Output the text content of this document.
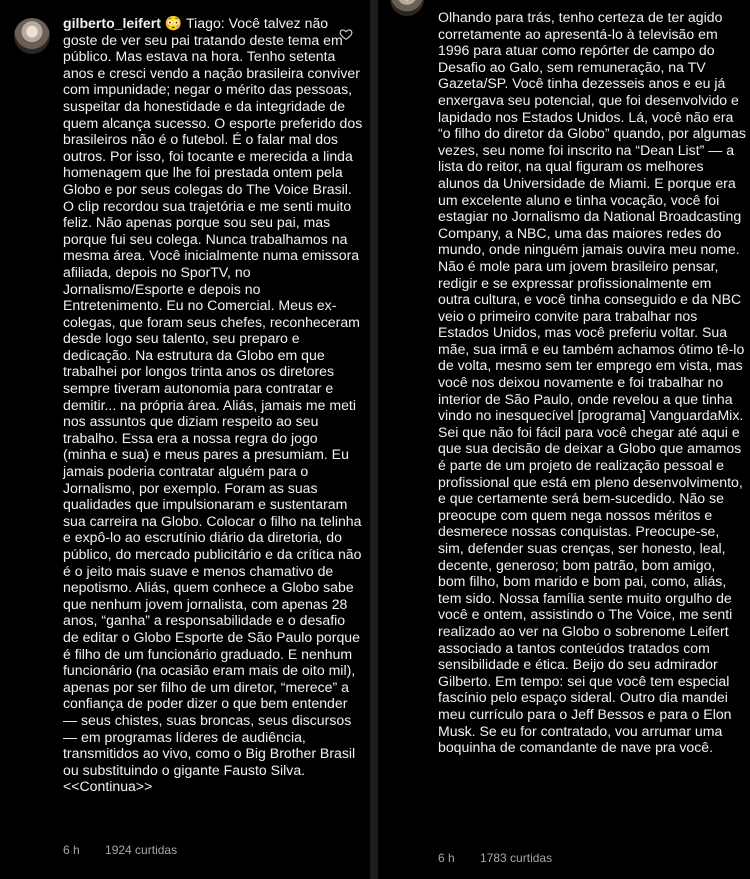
gilberto_leifert 😳 Tiago: Você talvez não goste de ver seu pai tratando deste tema em público. Mas estava na hora. Tenho setenta anos e cresci vendo a nação brasileira conviver com impunidade; negar o mérito das pessoas, suspeitar da honestidade e da integridade de quem alcança sucesso. O esporte preferido dos brasileiros não é o futebol. É o falar mal dos outros. Por isso, foi tocante e merecida a linda homenagem que lhe foi prestada ontem pela Globo e por seus colegas do The Voice Brasil. O clip recordou sua trajetória e me senti muito feliz. Não apenas porque sou seu pai, mas porque fui seu colega. Nunca trabalhamos na mesma área. Você inicialmente numa emissora afiliada, depois no SporTV, no Jornalismo/Esporte e depois no Entretenimento. Eu no Comercial. Meus ex-colegas, que foram seus chefes, reconheceram desde logo seu talento, seu preparo e dedicação. Na estrutura da Globo em que trabalhei por longos trinta anos os diretores sempre tiveram autonomia para contratar e demitir... na própria área. Aliás, jamais me meti nos assuntos que diziam respeito ao seu trabalho. Essa era a nossa regra do jogo (minha e sua) e meus pares a presumiam. Eu jamais poderia contratar alguém para o Jornalismo, por exemplo. Foram as suas qualidades que impulsionaram e sustentaram sua carreira na Globo. Colocar o filho na telinha e expô-lo ao escrutínio diário da diretoria, do público, do mercado publicitário e da crítica não é o jeito mais suave e menos chamativo de nepotismo. Aliás, quem conhece a Globo sabe que nenhum jovem jornalista, com apenas 28 anos, “ganha” a responsabilidade e o desafio de editar o Globo Esporte de São Paulo porque é filho de um funcionário graduado. E nenhum funcionário (na ocasião eram mais de oito mil), apenas por ser filho de um diretor, “merece” a confiança de poder dizer o que bem entender — seus chistes, suas broncas, seus discursos — em programas líderes de audiência, transmitidos ao vivo, como o Big Brother Brasil ou substituindo o gigante Fausto Silva. <<Continua>>

6 h 1924 curtidas

Olhando para trás, tenho certeza de ter agido corretamente ao apresentá-lo à televisão em 1996 para atuar como repórter de campo do Desafio ao Galo, sem remuneração, na TV Gazeta/SP. Você tinha dezesseis anos e eu já enxergava seu potencial, que foi desenvolvido e lapidado nos Estados Unidos. Lá, você não era “o filho do diretor da Globo” quando, por algumas vezes, seu nome foi inscrito na “Dean List” — a lista do reitor, na qual figuram os melhores alunos da Universidade de Miami. E porque era um excelente aluno e tinha vocação, você foi estagiar no Jornalismo da National Broadcasting Company, a NBC, uma das maiores redes do mundo, onde ninguém jamais ouvira meu nome. Não é mole para um jovem brasileiro pensar, redigir e se expressar profissionalmente em outra cultura, e você tinha conseguido e da NBC veio o primeiro convite para trabalhar nos Estados Unidos, mas você preferiu voltar. Sua mãe, sua irmã e eu também achamos ótimo tê-lo de volta, mesmo sem ter emprego em vista, mas você nos deixou novamente e foi trabalhar no interior de São Paulo, onde revelou a que tinha vindo no inesquecível [programa] VanguardaMix. Sei que não foi fácil para você chegar até aqui e que sua decisão de deixar a Globo que amamos é parte de um projeto de realização pessoal e profissional que está em pleno desenvolvimento, e que certamente será bem-sucedido. Não se preocupe com quem nega nossos méritos e desmerece nossas conquistas. Preocupe-se, sim, defender suas crenças, ser honesto, leal, decente, generoso; bom patrão, bom amigo, bom filho, bom marido e bom pai, como, aliás, tem sido. Nossa família sente muito orgulho de você e ontem, assistindo o The Voice, me senti realizado ao ver na Globo o sobrenome Leifert associado a tantos conteúdos tratados com sensibilidade e ética. Beijo do seu admirador Gilberto. Em tempo: sei que você tem especial fascínio pelo espaço sideral. Outro dia mandei meu currículo para o Jeff Bessos e para o Elon Musk. Se eu for contratado, vou arrumar uma boquinha de comandante de nave pra você.

6 h 1783 curtidas
